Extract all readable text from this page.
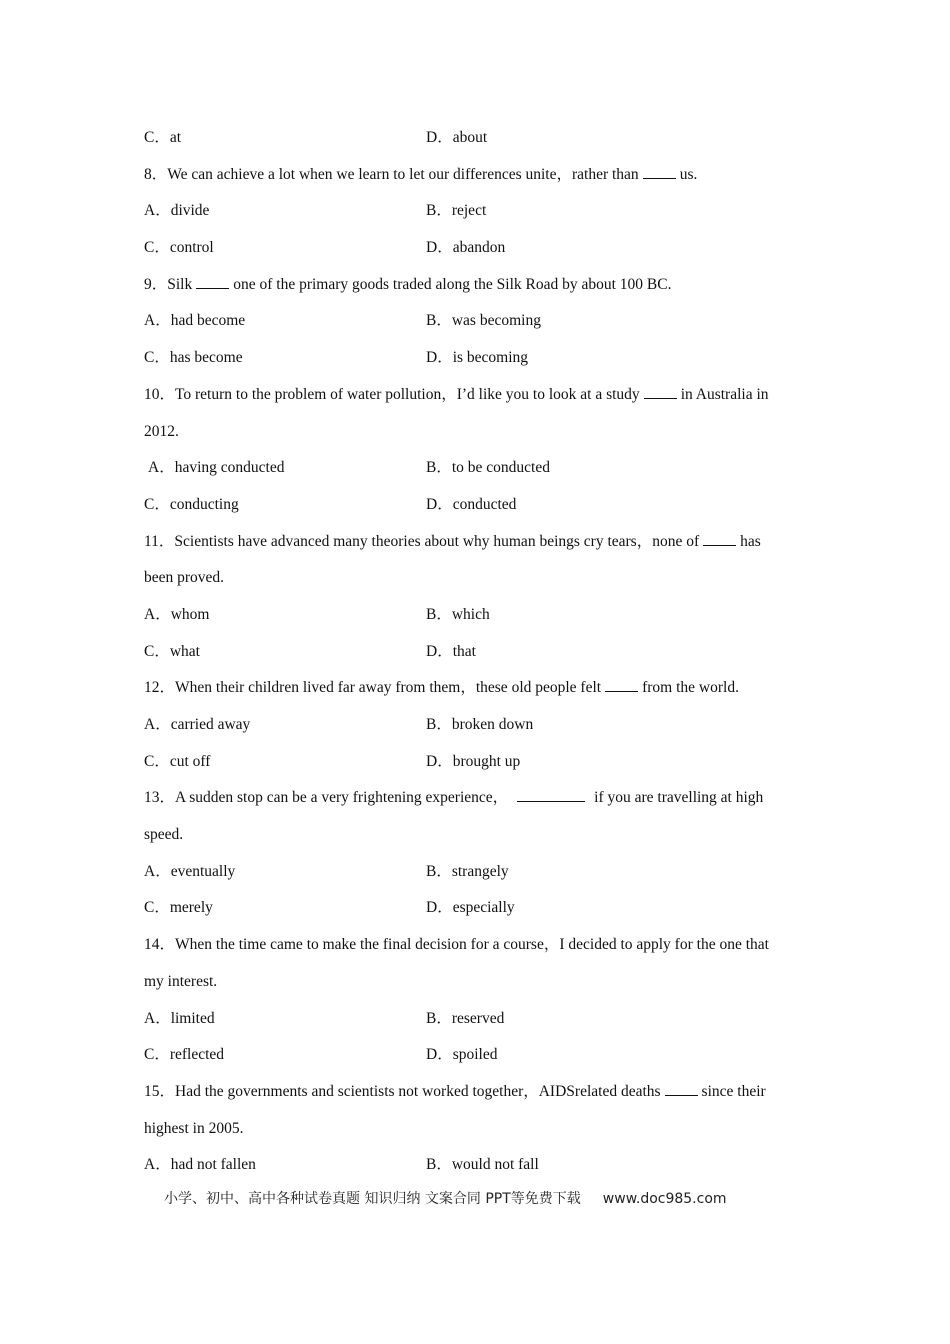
C．at	D．about
8．We can achieve a lot when we learn to let our differences unite，rather than	us.
A．divide	B．reject
C．control	D．abandon
9．Silk	one of the primary goods traded along the Silk Road by about 100 BC.
A．had become	B．was becoming
C．has become	D．is becoming
10．To return to the problem of water pollution，I’d like you to look at a study	in Australia in
2012.
A．having conducted	B．to be conducted
C．conducting	D．conducted
11．Scientists have advanced many theories about why human beings cry tears，none of	has
been proved.
A．whom	B．which
C．what	D．that
12．When their children lived far away from them，these old people felt	from the world.
A．carried away	B．broken down
C．cut off	D．brought up
13．A sudden stop can be a very frightening experience，	if you are travelling at high
speed.
A．eventually	B．strangely
C．merely	D．especially
14．When the time came to make the final decision for a course，I decided to apply for the one that
my interest.
A．limited	B．reserved
C．reflected	D．spoiled
15．Had the governments and scientists not worked together，AIDSrelated deaths	since their
highest in 2005.
A．had not fallen	B．would not fall
小学、初中、高中各种试卷真题 知识归纳 文案合同 PPT等免费下载 www.doc985.com
